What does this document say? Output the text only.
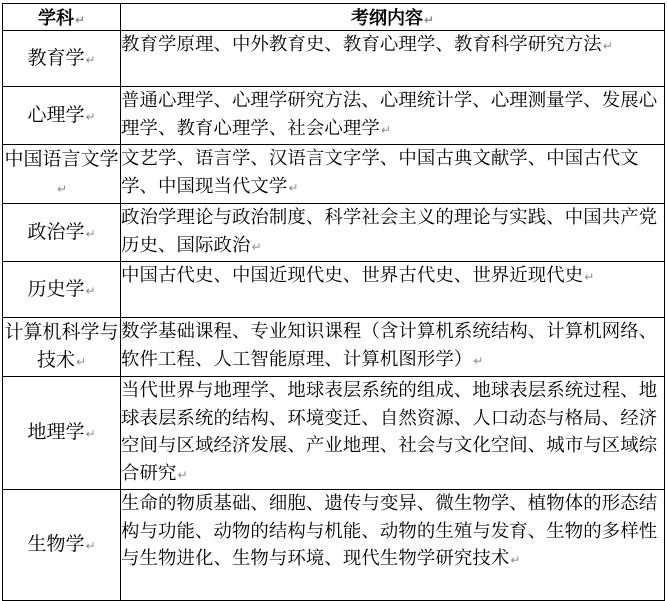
学科↵	考纲内容↵
教育学↵	教育学原理、中外教育史、教育心理学、教育科学研究方法↵
心理学↵	普通心理学、心理学研究方法、心理统计学、心理测量学、发展心理学、教育心理学、社会心理学↵
中国语言文学↵	文艺学、语言学、汉语言文字学、中国古典文献学、中国古代文学、中国现当代文学↵
政治学↵	政治学理论与政治制度、科学社会主义的理论与实践、中国共产党历史、国际政治↵
历史学↵	中国古代史、中国近现代史、世界古代史、世界近现代史↵
计算机科学与技术↵	数学基础课程、专业知识课程（含计算机系统结构、计算机网络、软件工程、人工智能原理、计算机图形学）↵
地理学↵	当代世界与地理学、地球表层系统的组成、地球表层系统过程、地球表层系统的结构、环境变迁、自然资源、人口动态与格局、经济空间与区域经济发展、产业地理、社会与文化空间、城市与区域综合研究↵
生物学↵	生命的物质基础、细胞、遗传与变异、微生物学、植物体的形态结构与功能、动物的结构与机能、动物的生殖与发育、生物的多样性与生物进化、生物与环境、现代生物学研究技术↵
